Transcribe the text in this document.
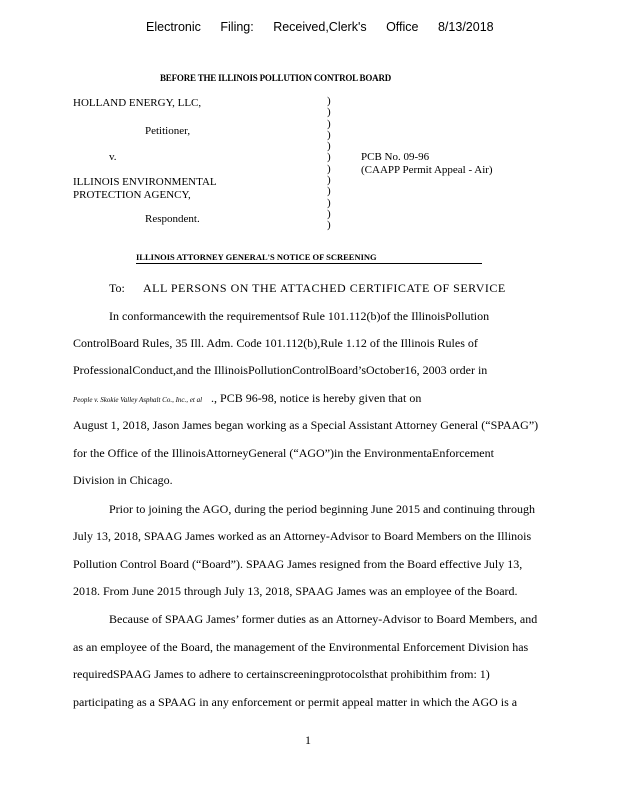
Electronic Filing: Received,Clerk's Office 8/13/2018
BEFORE THE ILLINOIS POLLUTION CONTROL BOARD
HOLLAND ENERGY, LLC,
Petitioner,
v.
ILLINOIS ENVIRONMENTAL
PROTECTION AGENCY,
Respondent.
)
)
)
)
)
)
)
)
)
)
)
)
PCB No. 09-96
(CAAPP Permit Appeal - Air)
ILLINOIS ATTORNEY GENERAL'S NOTICE OF SCREENING
To: ALL PERSONS ON THE ATTACHED CERTIFICATE OF SERVICE
In conformancewith the requirementsof Rule 101.112(b)of the IllinoisPollution
ControlBoard Rules, 35 Ill. Adm. Code 101.112(b),Rule 1.12 of the Illinois Rules of
ProfessionalConduct,and the IllinoisPollutionControlBoard’sOctober16, 2003 order in
People v. Skokie Valley Asphalt Co., Inc., et al ., PCB 96-98, notice is hereby given that on
August 1, 2018, Jason James began working as a Special Assistant Attorney General (“SPAAG”)
for the Office of the IllinoisAttorneyGeneral (“AGO”)in the EnvironmentaEnforcement
Division in Chicago.
Prior to joining the AGO, during the period beginning June 2015 and continuing through
July 13, 2018, SPAAG James worked as an Attorney-Advisor to Board Members on the Illinois
Pollution Control Board (“Board”). SPAAG James resigned from the Board effective July 13,
2018. From June 2015 through July 13, 2018, SPAAG James was an employee of the Board.
Because of SPAAG James’ former duties as an Attorney-Advisor to Board Members, and
as an employee of the Board, the management of the Environmental Enforcement Division has
requiredSPAAG James to adhere to certainscreeningprotocolsthat prohibithim from: 1)
participating as a SPAAG in any enforcement or permit appeal matter in which the AGO is a
1
